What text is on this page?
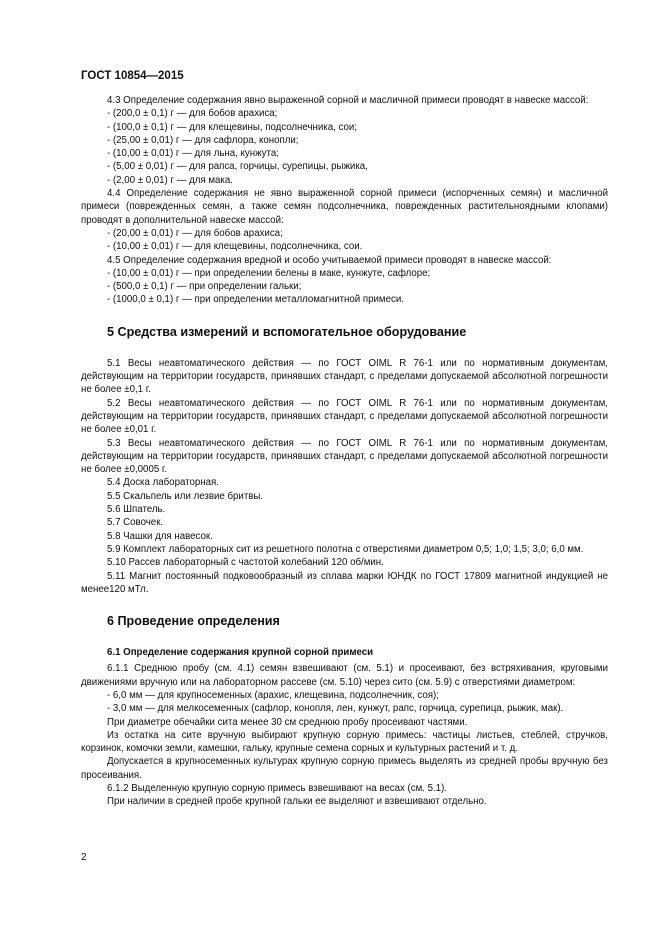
ГОСТ 10854—2015

4.3 Определение содержания явно выраженной сорной и масличной примеси проводят в навеске массой:

- (200,0 ± 0,1) г — для бобов арахиса;

- (100,0 ± 0,1) г — для клещевины, подсолнечника, сои;

- (25,00 ± 0,01) г — для сафлора, конопли;

- (10,00 ± 0,01) г — для льна, кунжута;

- (5,00 ± 0,01) г — для рапса, горчицы, сурепицы, рыжика,

- (2,00 ± 0,01) г — для мака.

4.4 Определение содержания не явно выраженной сорной примеси (испорченных семян) и масличной примеси (поврежденных семян, а также семян подсолнечника, поврежденных растительноядными клопами) проводят в дополнительной навеске массой:

- (20,00 ± 0,01) г — для бобов арахиса;

- (10,00 ± 0,01) г — для клещевины, подсолнечника, сои.

4.5 Определение содержания вредной и особо учитываемой примеси проводят в навеске массой:

- (10,00 ± 0,01) г — при определении белены в маке, кунжуте, сафлоре;

- (500,0 ± 0,1) г — при определении гальки;

- (1000,0 ± 0,1) г — при определении металломагнитной примеси.

5 Средства измерений и вспомогательное оборудование

5.1 Весы неавтоматического действия — по ГОСТ OIML R 76-1 или по нормативным документам, действующим на территории государств, принявших стандарт, с пределами допускаемой абсолютной погрешности не более ±0,1 г.

5.2 Весы неавтоматического действия — по ГОСТ OIML R 76-1 или по нормативным документам, действующим на территории государств, принявших стандарт, с пределами допускаемой абсолютной погрешности не более ±0,01 г.

5.3 Весы неавтоматического действия — по ГОСТ OIML R 76-1 или по нормативным документам, действующим на территории государств, принявших стандарт, с пределами допускаемой абсолютной погрешности не более ±0,0005 г.

5.4 Доска лабораторная.

5.5 Скальпель или лезвие бритвы.

5.6 Шпатель.

5.7 Совочек.

5.8 Чашки для навесок.

5.9 Комплект лабораторных сит из решетного полотна с отверстиями диаметром 0,5; 1,0; 1,5; 3,0; 6,0 мм.

5.10 Рассев лабораторный с частотой колебаний 120 об/мин.

5.11 Магнит постоянный подковообразный из сплава марки ЮНДК по ГОСТ 17809 магнитной индукцией не менее120 мТл.

6 Проведение определения

6.1 Определение содержания крупной сорной примеси

6.1.1 Среднюю пробу (см. 4.1) семян взвешивают (см. 5.1) и просеивают, без встряхивания, круговыми движениями вручную или на лабораторном рассеве (см. 5.10) через сито (см. 5.9) с отверстиями диаметром:

- 6,0 мм — для крупносеменных (арахис, клещевина, подсолнечник, соя);

- 3,0 мм — для мелкосеменных (сафлор, конопля, лен, кунжут, рапс, горчица, сурепица, рыжик, мак).

При диаметре обечайки сита менее 30 см среднюю пробу просеивают частями.

Из остатка на сите вручную выбирают крупную сорную примесь: частицы листьев, стеблей, стручков, корзинок, комочки земли, камешки, гальку, крупные семена сорных и культурных растений и т. д.

Допускается в крупносеменных культурах крупную сорную примесь выделять из средней пробы вручную без просеивания.

6.1.2 Выделенную крупную сорную примесь взвешивают на весах (см. 5.1).

При наличии в средней пробе крупной гальки ее выделяют и взвешивают отдельно.

2
